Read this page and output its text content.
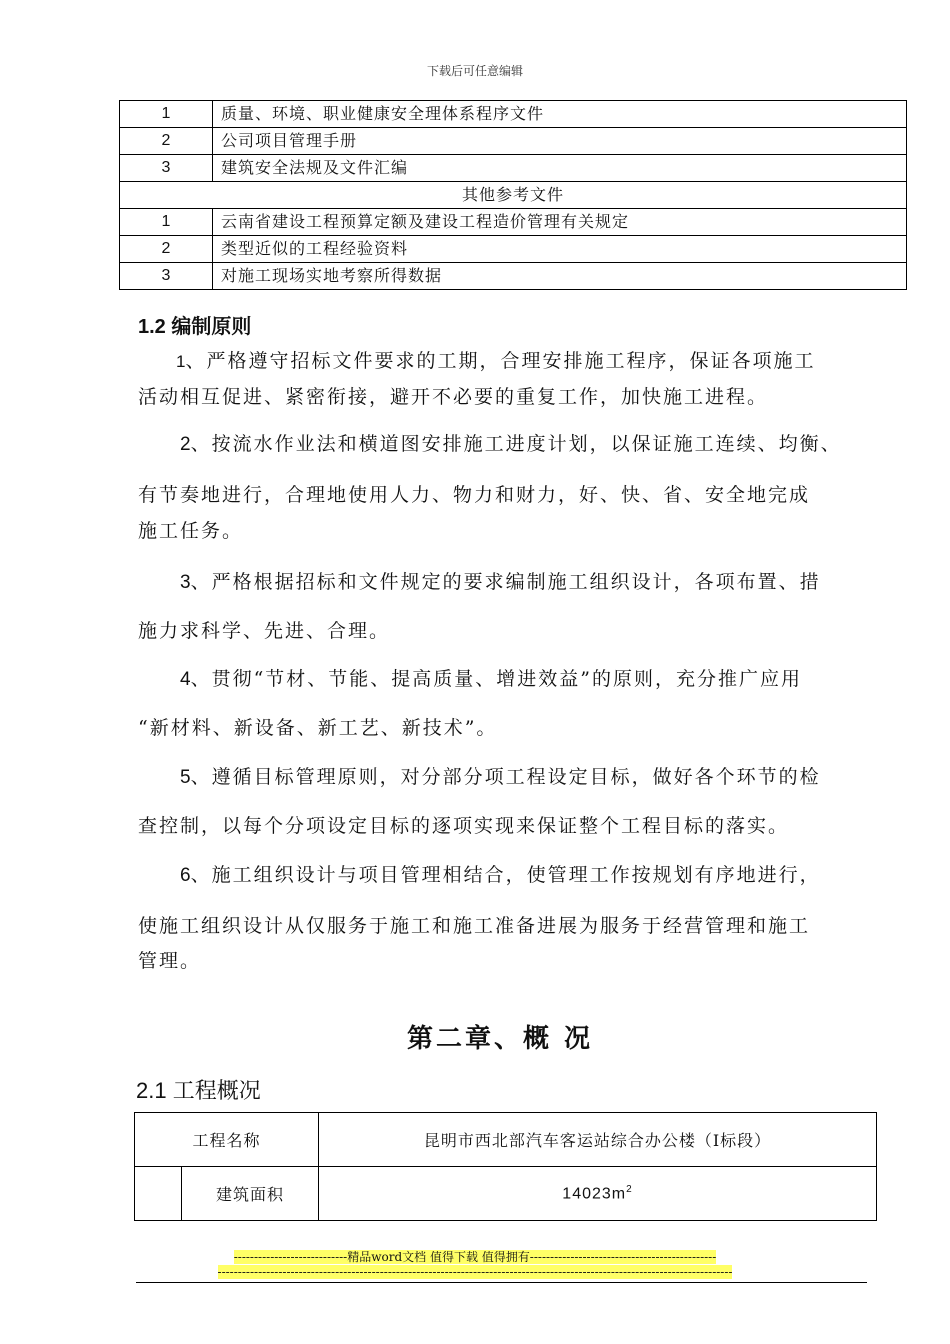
下载后可任意编辑
1	质量、环境、职业健康安全理体系程序文件
2	公司项目管理手册
3	建筑安全法规及文件汇编
其他参考文件	
1	云南省建设工程预算定额及建设工程造价管理有关规定
2	类型近似的工程经验资料
3	对施工现场实地考察所得数据
1.2 编制原则
1、严格遵守招标文件要求的工期，合理安排施工程序，保证各项施工
活动相互促进、紧密衔接，避开不必要的重复工作，加快施工进程。
2、按流水作业法和横道图安排施工进度计划，以保证施工连续、均衡、
有节奏地进行，合理地使用人力、物力和财力，好、快、省、安全地完成
施工任务。
3、严格根据招标和文件规定的要求编制施工组织设计，各项布置、措
施力求科学、先进、合理。
4、贯彻“节材、节能、提高质量、增进效益”的原则，充分推广应用
“新材料、新设备、新工艺、新技术”。
5、遵循目标管理原则，对分部分项工程设定目标，做好各个环节的检
查控制，以每个分项设定目标的逐项实现来保证整个工程目标的落实。
6、施工组织设计与项目管理相结合，使管理工作按规划有序地进行，
使施工组织设计从仅服务于施工和施工准备进展为服务于经营管理和施工
管理。
第二章、概 况
2.1 工程概况
工程名称		昆明市西北部汽车客运站综合办公楼（Ⅰ标段）
	建筑面积	$14023m^2$
----------------------------精品word文档 值得下载 值得拥有----------------------------------------------
-------------------------------------------------------------------------------------------------------------------------------
